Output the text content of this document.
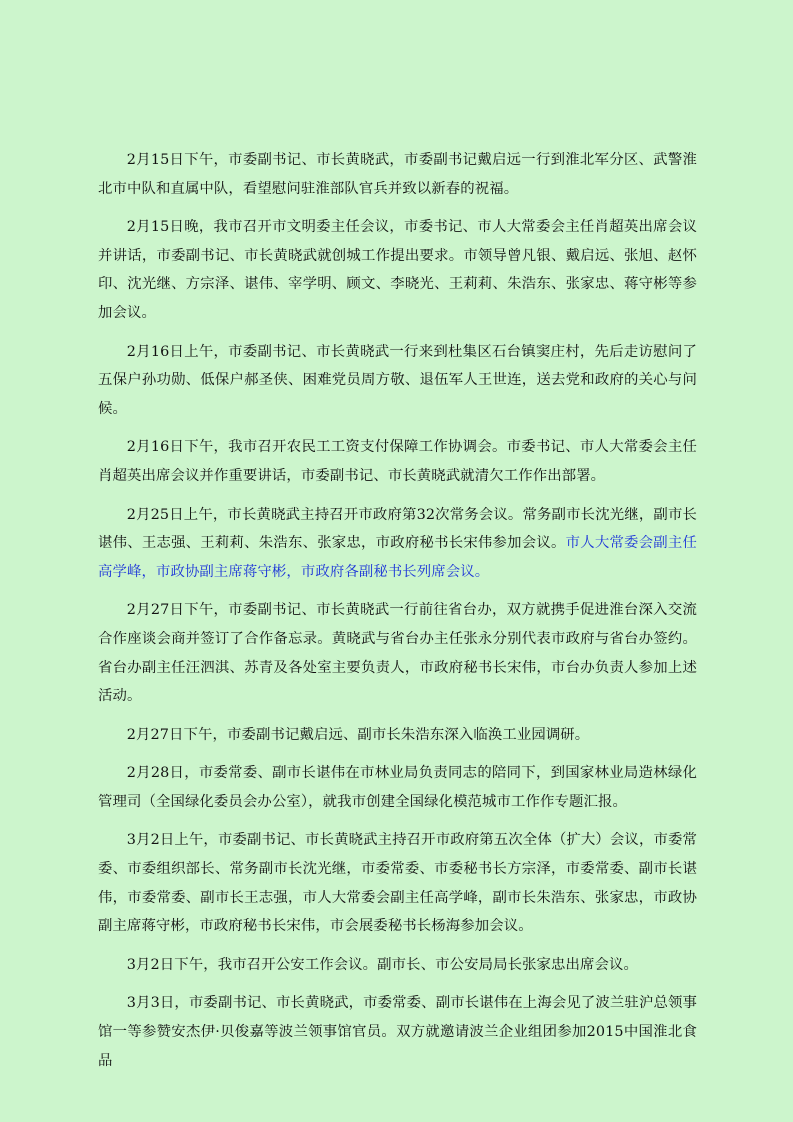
2月15日下午，市委副书记、市长黄晓武，市委副书记戴启远一行到淮北军分区、武警淮北市中队和直属中队，看望慰问驻淮部队官兵并致以新春的祝福。

2月15日晚，我市召开市文明委主任会议，市委书记、市人大常委会主任肖超英出席会议并讲话，市委副书记、市长黄晓武就创城工作提出要求。市领导曾凡银、戴启远、张旭、赵怀印、沈光继、方宗泽、谌伟、宰学明、顾文、李晓光、王莉莉、朱浩东、张家忠、蒋守彬等参加会议。

2月16日上午，市委副书记、市长黄晓武一行来到杜集区石台镇窦庄村，先后走访慰问了五保户孙功勋、低保户郝圣侠、困难党员周方敬、退伍军人王世连，送去党和政府的关心与问候。

2月16日下午，我市召开农民工工资支付保障工作协调会。市委书记、市人大常委会主任肖超英出席会议并作重要讲话，市委副书记、市长黄晓武就清欠工作作出部署。

2月25日上午，市长黄晓武主持召开市政府第32次常务会议。常务副市长沈光继，副市长谌伟、王志强、王莉莉、朱浩东、张家忠，市政府秘书长宋伟参加会议。市人大常委会副主任高学峰，市政协副主席蒋守彬，市政府各副秘书长列席会议。

2月27日下午，市委副书记、市长黄晓武一行前往省台办，双方就携手促进淮台深入交流合作座谈会商并签订了合作备忘录。黄晓武与省台办主任张永分别代表市政府与省台办签约。省台办副主任汪泗淇、苏青及各处室主要负责人，市政府秘书长宋伟，市台办负责人参加上述活动。

2月27日下午，市委副书记戴启远、副市长朱浩东深入临涣工业园调研。

2月28日，市委常委、副市长谌伟在市林业局负责同志的陪同下，到国家林业局造林绿化管理司（全国绿化委员会办公室），就我市创建全国绿化模范城市工作作专题汇报。

3月2日上午，市委副书记、市长黄晓武主持召开市政府第五次全体（扩大）会议，市委常委、市委组织部长、常务副市长沈光继，市委常委、市委秘书长方宗泽，市委常委、副市长谌伟，市委常委、副市长王志强，市人大常委会副主任高学峰，副市长朱浩东、张家忠，市政协副主席蒋守彬，市政府秘书长宋伟，市会展委秘书长杨海参加会议。

3月2日下午，我市召开公安工作会议。副市长、市公安局局长张家忠出席会议。

3月3日，市委副书记、市长黄晓武，市委常委、副市长谌伟在上海会见了波兰驻沪总领事馆一等参赞安杰伊·贝俊嘉等波兰领事馆官员。双方就邀请波兰企业组团参加2015中国淮北食品
